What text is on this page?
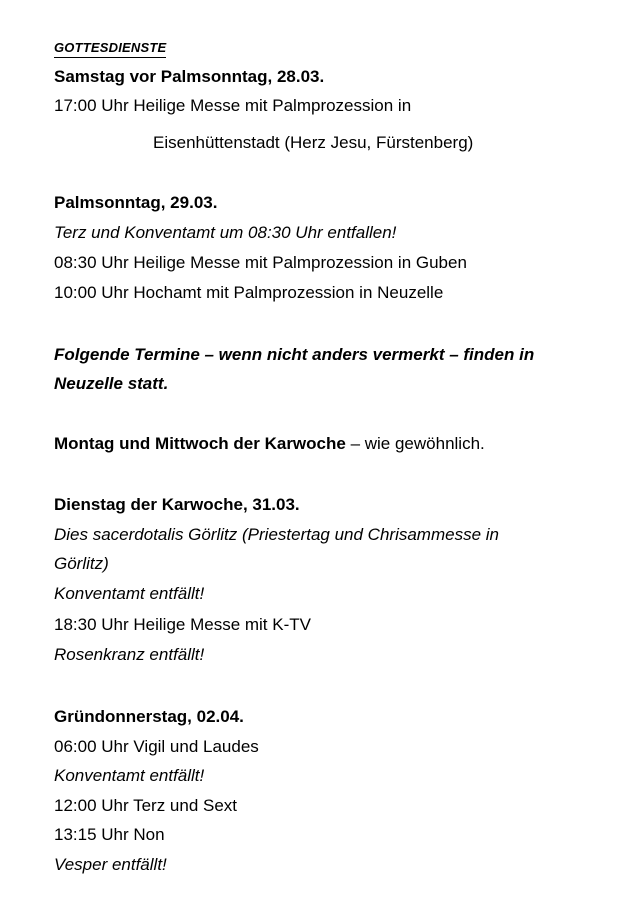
GOTTESDIENSTE
Samstag vor Palmsonntag, 28.03.
17:00 Uhr Heilige Messe mit Palmprozession in
Eisenhüttenstadt (Herz Jesu, Fürstenberg)
Palmsonntag, 29.03.
Terz und Konventamt um 08:30 Uhr entfallen!
08:30 Uhr Heilige Messe mit Palmprozession in Guben
10:00 Uhr Hochamt mit Palmprozession in Neuzelle
Folgende Termine – wenn nicht anders vermerkt – finden in
Neuzelle statt.
Montag und Mittwoch der Karwoche – wie gewöhnlich.
Dienstag der Karwoche, 31.03.
Dies sacerdotalis Görlitz (Priestertag und Chrisammesse in
Görlitz)
Konventamt entfällt!
18:30 Uhr Heilige Messe mit K-TV
Rosenkranz entfällt!
Gründonnerstag, 02.04.
06:00 Uhr Vigil und Laudes
Konventamt entfällt!
12:00 Uhr Terz und Sext
13:15 Uhr Non
Vesper entfällt!
